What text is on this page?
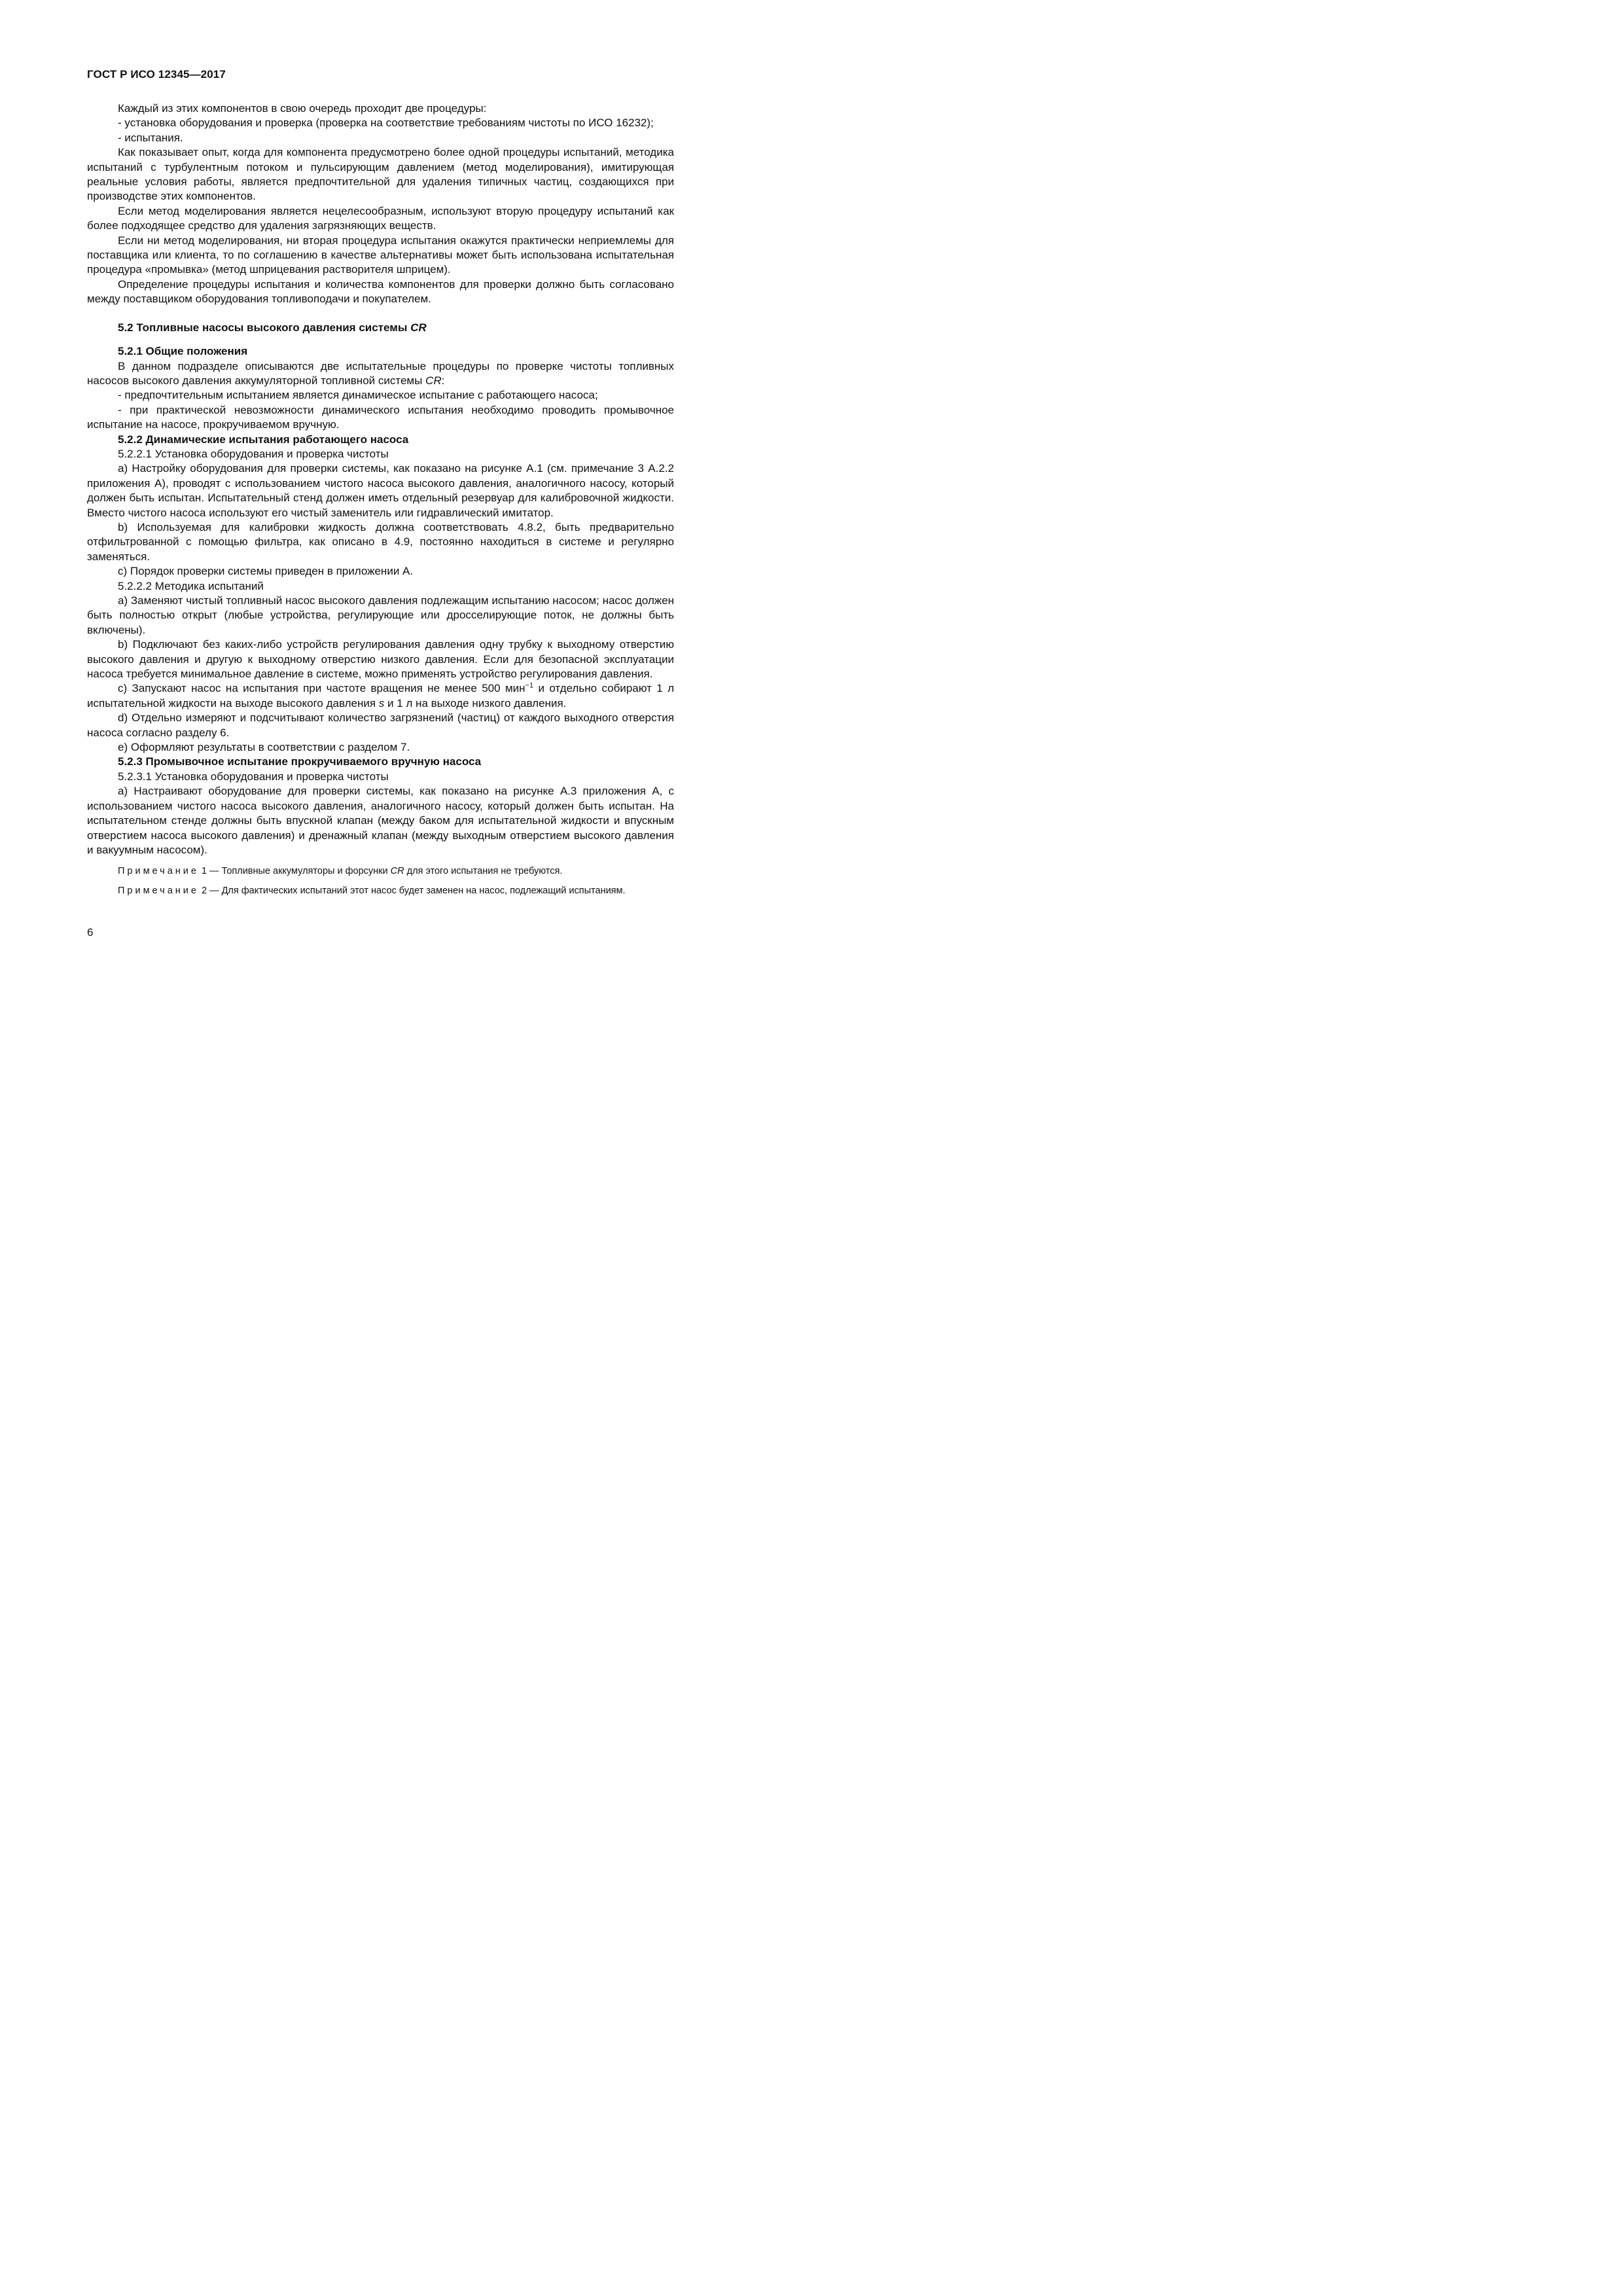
ГОСТ Р ИСО 12345—2017

Каждый из этих компонентов в свою очередь проходит две процедуры:

- установка оборудования и проверка (проверка на соответствие требованиям чистоты по ИСО 16232);

- испытания.

Как показывает опыт, когда для компонента предусмотрено более одной процедуры испытаний, методика испытаний с турбулентным потоком и пульсирующим давлением (метод моделирования), имитирующая реальные условия работы, является предпочтительной для удаления типичных частиц, создающихся при производстве этих компонентов.

Если метод моделирования является нецелесообразным, используют вторую процедуру испытаний как более подходящее средство для удаления загрязняющих веществ.

Если ни метод моделирования, ни вторая процедура испытания окажутся практически неприемлемы для поставщика или клиента, то по соглашению в качестве альтернативы может быть использована испытательная процедура «промывка» (метод шприцевания растворителя шприцем).

Определение процедуры испытания и количества компонентов для проверки должно быть согласовано между поставщиком оборудования топливоподачи и покупателем.

5.2 Топливные насосы высокого давления системы CR
5.2.1 Общие положения

В данном подразделе описываются две испытательные процедуры по проверке чистоты топливных насосов высокого давления аккумуляторной топливной системы CR:

- предпочтительным испытанием является динамическое испытание с работающего насоса;

- при практической невозможности динамического испытания необходимо проводить промывочное испытание на насосе, прокручиваемом вручную.

5.2.2 Динамические испытания работающего насоса

5.2.2.1 Установка оборудования и проверка чистоты

a) Настройку оборудования для проверки системы, как показано на рисунке А.1 (см. примечание 3 А.2.2 приложения А), проводят с использованием чистого насоса высокого давления, аналогичного насосу, который должен быть испытан. Испытательный стенд должен иметь отдельный резервуар для калибровочной жидкости. Вместо чистого насоса используют его чистый заменитель или гидравлический имитатор.

b) Используемая для калибровки жидкость должна соответствовать 4.8.2, быть предварительно отфильтрованной с помощью фильтра, как описано в 4.9, постоянно находиться в системе и регулярно заменяться.

c) Порядок проверки системы приведен в приложении А.

5.2.2.2 Методика испытаний

a) Заменяют чистый топливный насос высокого давления подлежащим испытанию насосом; насос должен быть полностью открыт (любые устройства, регулирующие или дросселирующие поток, не должны быть включены).

b) Подключают без каких-либо устройств регулирования давления одну трубку к выходному отверстию высокого давления и другую к выходному отверстию низкого давления. Если для безопасной эксплуатации насоса требуется минимальное давление в системе, можно применять устройство регулирования давления.

c) Запускают насос на испытания при частоте вращения не менее 500 мин$^{-1}$ и отдельно собирают 1 л испытательной жидкости на выходе высокого давления s и 1 л на выходе низкого давления.

d) Отдельно измеряют и подсчитывают количество загрязнений (частиц) от каждого выходного отверстия насоса согласно разделу 6.

e) Оформляют результаты в соответствии с разделом 7.

5.2.3 Промывочное испытание прокручиваемого вручную насоса

5.2.3.1 Установка оборудования и проверка чистоты

a) Настраивают оборудование для проверки системы, как показано на рисунке А.3 приложения А, с использованием чистого насоса высокого давления, аналогичного насосу, который должен быть испытан. На испытательном стенде должны быть впускной клапан (между баком для испытательной жидкости и впускным отверстием насоса высокого давления) и дренажный клапан (между выходным отверстием высокого давления и вакуумным насосом).

Примечание 1 — Топливные аккумуляторы и форсунки CR для этого испытания не требуются.

Примечание 2 — Для фактических испытаний этот насос будет заменен на насос, подлежащий испытаниям.

6
